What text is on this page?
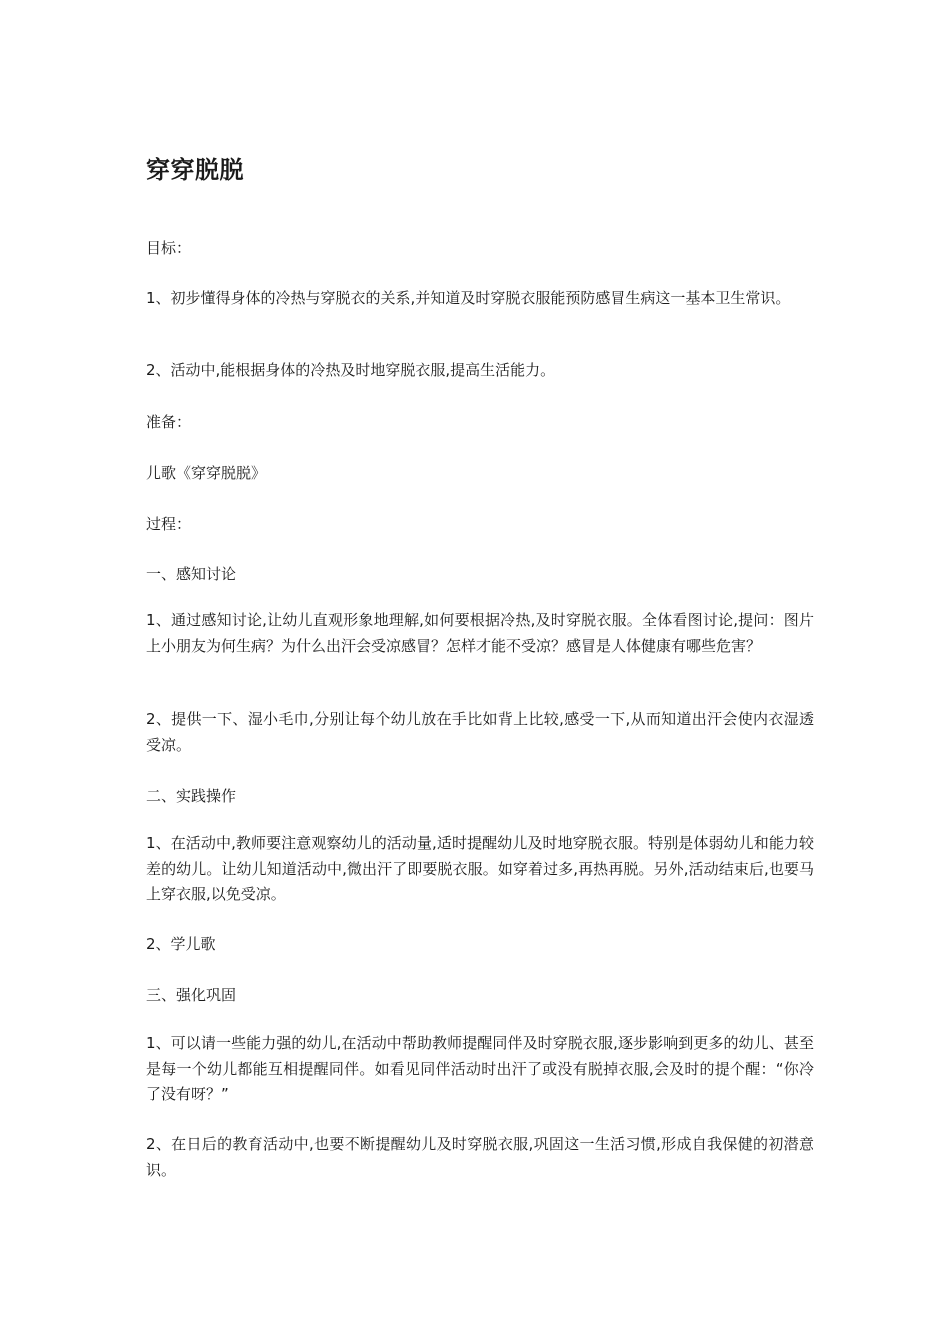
穿穿脱脱

目标：

1、初步懂得身体的冷热与穿脱衣的关系,并知道及时穿脱衣服能预防感冒生病这一基本卫生常识。

2、活动中,能根据身体的冷热及时地穿脱衣服,提高生活能力。

准备：

儿歌《穿穿脱脱》

过程：

一、感知讨论

1、通过感知讨论,让幼儿直观形象地理解,如何要根据冷热,及时穿脱衣服。全体看图讨论,提问：图片上小朋友为何生病？为什么出汗会受凉感冒？怎样才能不受凉？感冒是人体健康有哪些危害？

2、提供一下、湿小毛巾,分别让每个幼儿放在手比如背上比较,感受一下,从而知道出汗会使内衣湿透受凉。

二、实践操作

1、在活动中,教师要注意观察幼儿的活动量,适时提醒幼儿及时地穿脱衣服。特别是体弱幼儿和能力较差的幼儿。让幼儿知道活动中,微出汗了即要脱衣服。如穿着过多,再热再脱。另外,活动结束后,也要马上穿衣服,以免受凉。

2、学儿歌

三、强化巩固

1、可以请一些能力强的幼儿,在活动中帮助教师提醒同伴及时穿脱衣服,逐步影响到更多的幼儿、甚至是每一个幼儿都能互相提醒同伴。如看见同伴活动时出汗了或没有脱掉衣服,会及时的提个醒：“你冷了没有呀？”

2、在日后的教育活动中,也要不断提醒幼儿及时穿脱衣服,巩固这一生活习惯,形成自我保健的初潜意识。
